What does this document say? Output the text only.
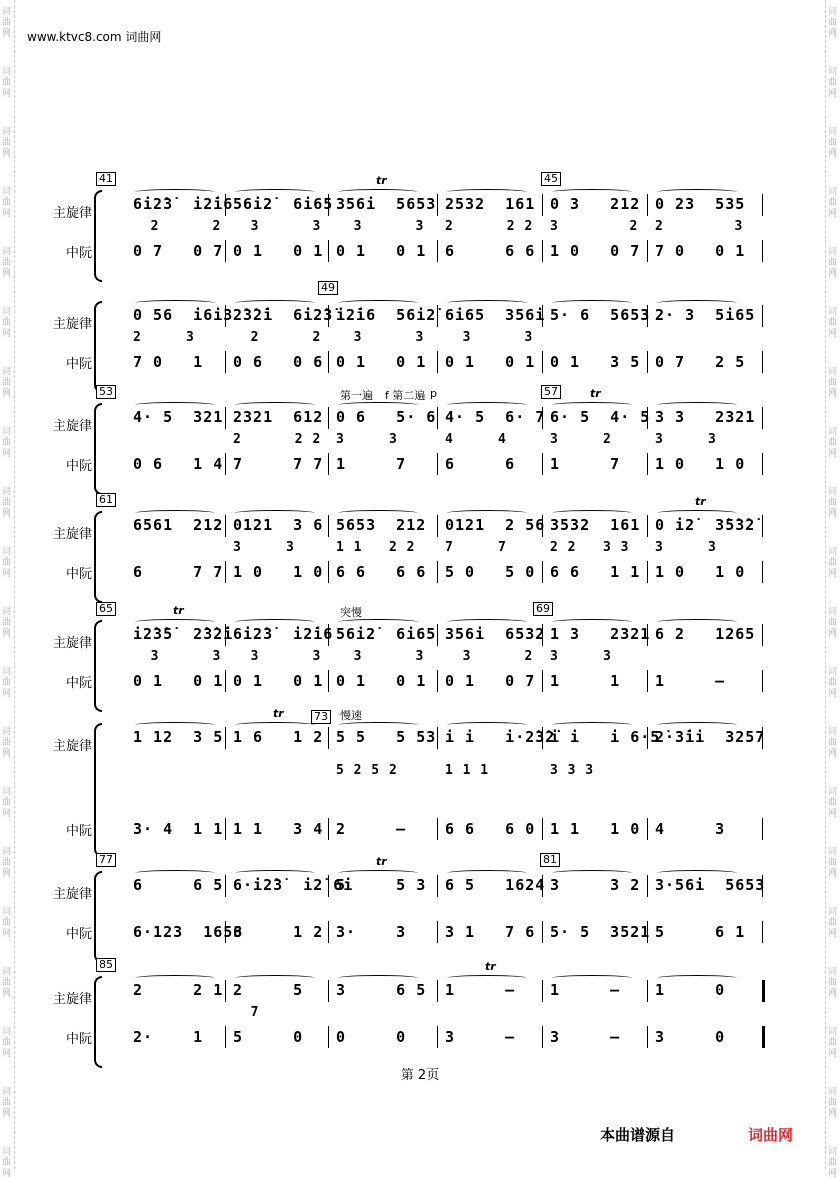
词
曲
网
词
曲
网
词
曲
网
词
曲
网
词
曲
网
词
曲
网
词
曲
网
词
曲
网
词
曲
网
词
曲
网
词
曲
网
词
曲
网
词
曲
网
词
曲
网
词
曲
网
词
曲
网
词
曲
网
词
曲
网
词
曲
网
词
曲
网
词
曲
网
词
曲
网
词
曲
网
词
曲
网
词
曲
网
词
曲
网
词
曲
网
词
曲
网
词
曲
网
词
曲
网
词
曲
网
词
曲
网
词
曲
网
词
曲
网
词
曲
网
词
曲
网
词
曲
网
词
曲
网
词
曲
网
词
曲
网
www.ktvc8.com 词曲网
41	45
主旋律
中阮
6i2̇3̇  i2̇i6 56i2̇  6i65 356i  5653 2532  161 0 3   212 0 23  535
2      2 3      3 3      3 2      2 2 3        2 2        3
0 7   0 7 0 1   0 1 0 1   0 1 6     6 6 1 0   0 7 7 0   0 1
tr
49
主旋律
中阮
0 56  i6i3 2̇3̇2̇i  6i2̇3̇ i2̇i6  56i2̇ 6i65  356i 5· 6  5653 2· 3  5i65
2     3	2      2 3      3 3      3
7 0   1 0 6   0 6 0 1   0 1 0 1   0 1 0 1   3 5 0 7   2 5
53	57
主旋律
中阮
4· 5  321 2321  612 0 6   5· 6 4· 5  6· 7 6· 5  4· 5 3 3   2321
2      2 2 3     3	4     4	3     2	3     3
0 6   1 4 7     7 7 1     7	6     6 1     7 1 0   1 0
第一遍 f 第二遍 p	tr
61
主旋律
中阮
6561  212 0121  3 6 5653  212 0121  2 56 3532  161 0 i2̇  3̇5̇3̇2̇
3     3	1 1   2 2 7     7	2 2   3 3 3     3
6     7 7 1 0   1 0 6 6   6 6 5 0   5 0 6 6   1 1 1 0   1 0
tr
65	69
主旋律
中阮
i2̇3̇5̇  2̇3̇2̇i 6i2̇3̇  i2̇i6 56i2̇  6i65 356i  6532 1 3   2321 6 2   1265
3      3 3      3 3      3 3      2 3     3
0 1   0 1 0 1   0 1 0 1   0 1 0 1   0 7 1     1 1     –
突慢
tr
73
主旋律
中阮
1 12  3 5 1 6   1 2 5 5   5 53 i i   i·2̇3̇2̇
i i   i 6·5
2̇·3̇ii  3257
5 2 5 2	1 1 1	3 3 3
3· 4  1 1 1 1   3 4 2     –	6 6   6 0 1 1   1 0 4     3
慢速
tr
77	81
主旋律
中阮
6     6 5 6·i2̇3̇  i2̇ 6i
5     5 3 6 5   1624 3     3 2 3·56i  5653
6·123  1653
6     1 2 3·    3	3 1   7 6 5· 5  3521 5     6 1
tr
85
主旋律
中阮
2     2 1 2     5 3     6 5 1     – 1     – 1     0
7
2·    1 5     0 0     0	3     – 3     – 3     0
tr
第 2页
本曲谱源自	词曲网
